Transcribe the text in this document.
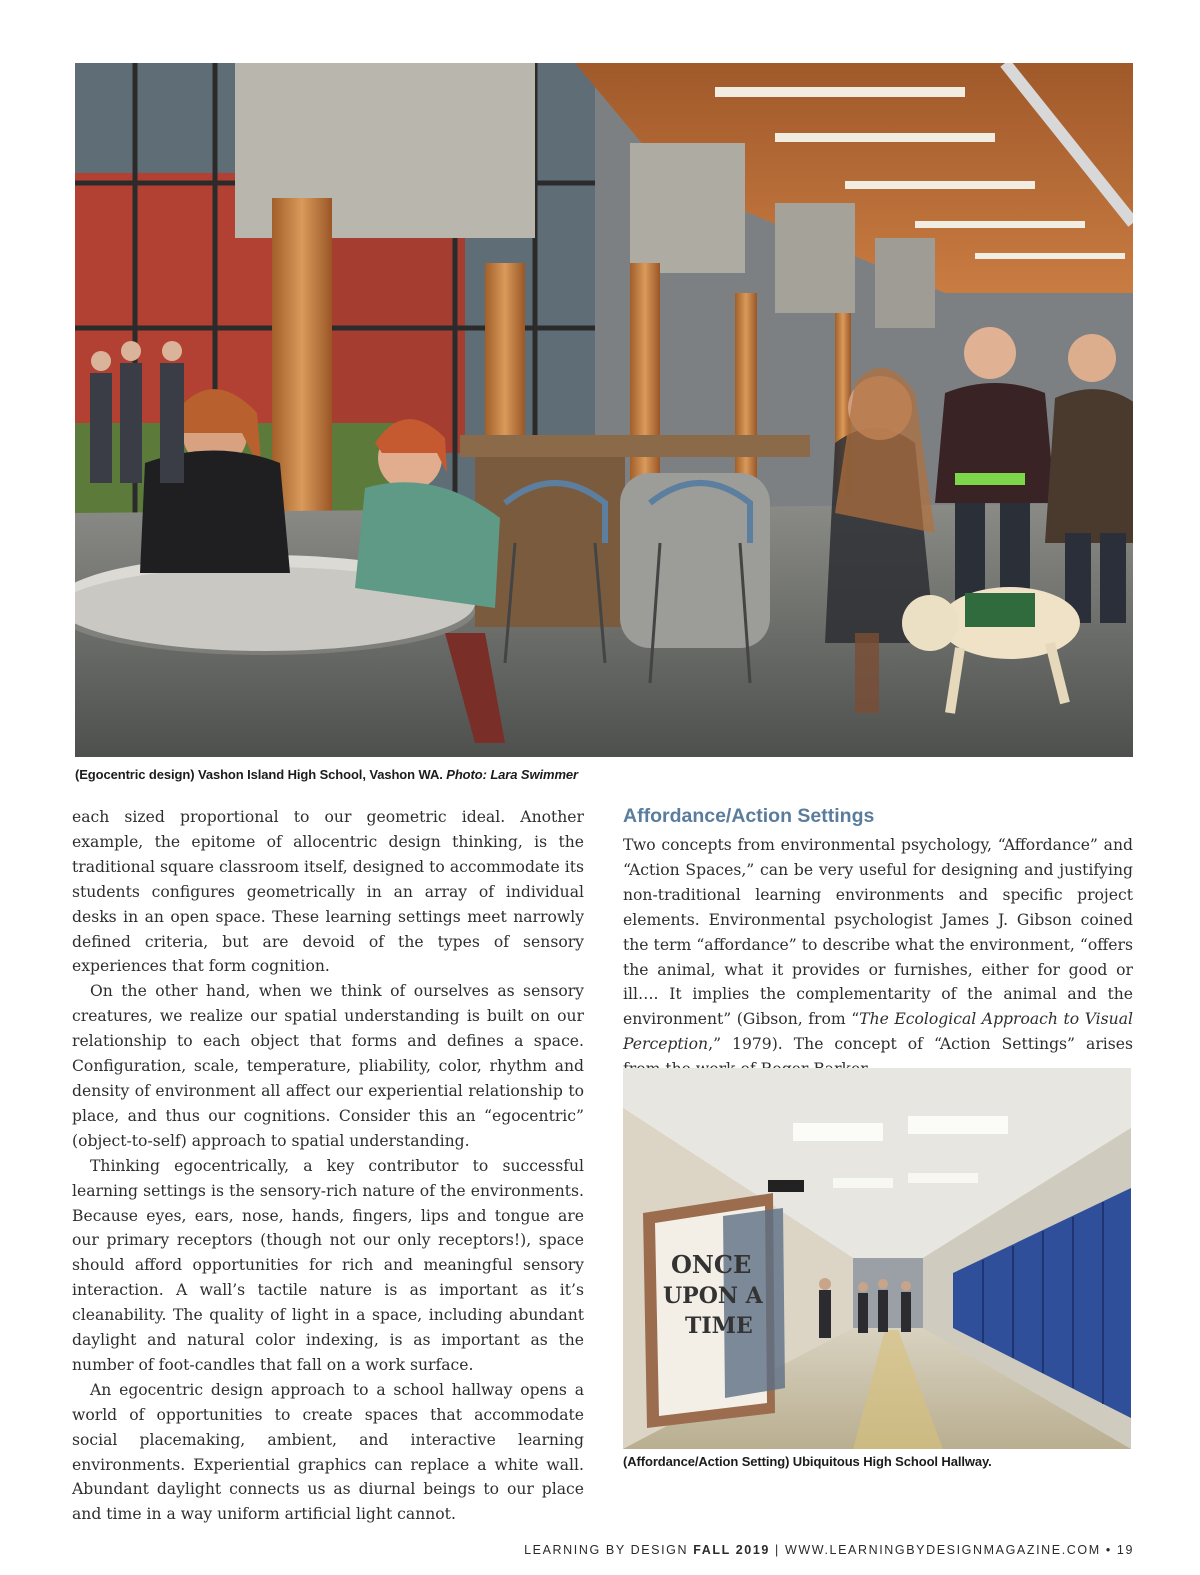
(Egocentric design) Vashon Island High School, Vashon WA. Photo: Lara Swimmer

each sized proportional to our geometric ideal. Another example, the epitome of allocentric design thinking, is the traditional square classroom itself, designed to accommodate its students configures geometrically in an array of individual desks in an open space. These learning settings meet narrowly defined criteria, but are devoid of the types of sensory experiences that form cognition.

On the other hand, when we think of ourselves as sensory creatures, we realize our spatial understanding is built on our relationship to each object that forms and defines a space. Configuration, scale, temperature, pliability, color, rhythm and density of environment all affect our experiential relationship to place, and thus our cognitions. Consider this an “egocentric” (object-to-self) approach to spatial understanding.

Thinking egocentrically, a key contributor to successful learning settings is the sensory-rich nature of the environments. Because eyes, ears, nose, hands, fingers, lips and tongue are our primary receptors (though not our only receptors!), space should afford opportunities for rich and meaningful sensory interaction. A wall’s tactile nature is as important as it’s cleanability. The quality of light in a space, including abundant daylight and natural color indexing, is as important as the number of foot-candles that fall on a work surface.

An egocentric design approach to a school hallway opens a world of opportunities to create spaces that accommodate social placemaking, ambient, and interactive learning environments. Experiential graphics can replace a white wall. Abundant daylight connects us as diurnal beings to our place and time in a way uniform artificial light cannot.

Affordance/Action Settings

Two concepts from environmental psychology, “Affordance” and “Action Spaces,” can be very useful for designing and justifying non-traditional learning environments and specific project elements. Environmental psychologist James J. Gibson coined the term “affordance” to describe what the environment, “offers the animal, what it provides or furnishes, either for good or ill…. It implies the complementarity of the animal and the environment” (Gibson, from “The Ecological Approach to Visual Perception,” 1979). The concept of “Action Settings” arises

ONCE
UPON A
TIME
(Affordance/Action Setting) Ubiquitous High School Hallway.
LEARNING BY DESIGN FALL 2019 | WWW.LEARNINGBYDESIGNMAGAZINE.COM • 19
